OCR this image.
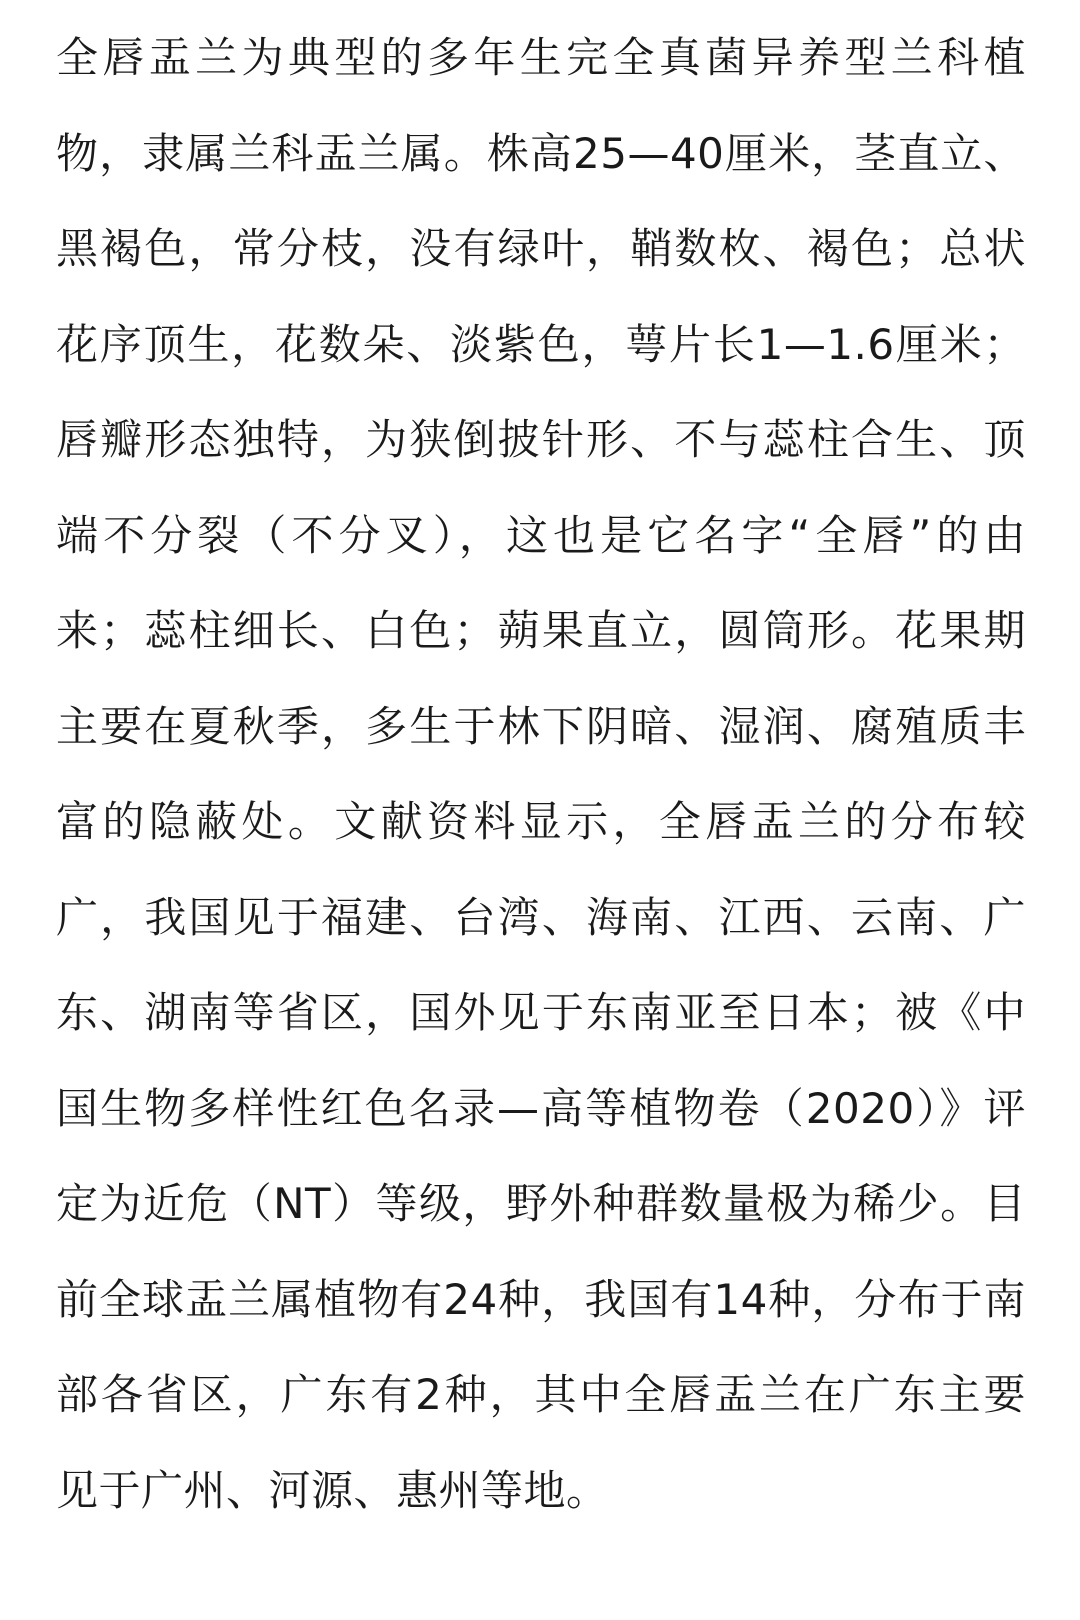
全唇盂兰为典型的多年生完全真菌异养型兰科植
物，隶属兰科盂兰属。株高25—40厘米，茎直立、
黑褐色，常分枝，没有绿叶，鞘数枚、褐色；总状
花序顶生，花数朵、淡紫色，萼片长1—1.6厘米；
唇瓣形态独特，为狭倒披针形、不与蕊柱合生、顶
端不分裂（不分叉），这也是它名字“全唇”的由
来；蕊柱细长、白色；蒴果直立，圆筒形。花果期
主要在夏秋季，多生于林下阴暗、湿润、腐殖质丰
富的隐蔽处。文献资料显示，全唇盂兰的分布较
广，我国见于福建、台湾、海南、江西、云南、广
东、湖南等省区，国外见于东南亚至日本；被《中
国生物多样性红色名录—高等植物卷（2020）》评
定为近危（NT）等级，野外种群数量极为稀少。目
前全球盂兰属植物有24种，我国有14种，分布于南
部各省区，广东有2种，其中全唇盂兰在广东主要
见于广州、河源、惠州等地。
